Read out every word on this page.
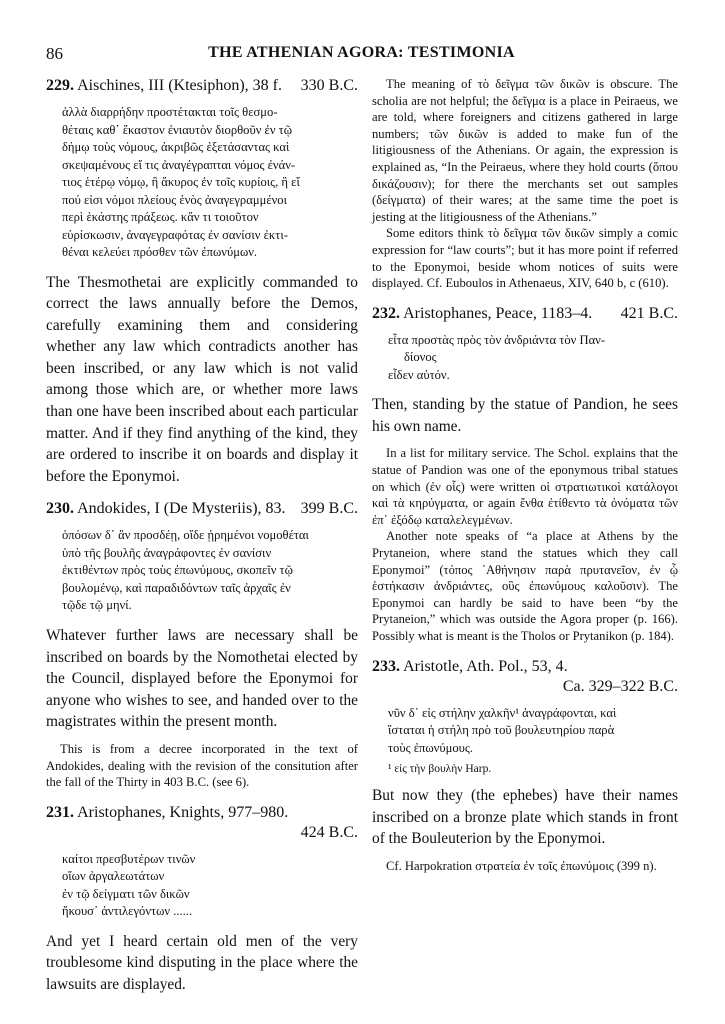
86	THE ATHENIAN AGORA: TESTIMONIA
229. Aischines, III (Ktesiphon), 38 f. 330 B.C.

ἀλλὰ διαρρήδην προστέτακται τοῖς θεσμο-

θέταις καθ᾽ ἕκαστον ἐνιαυτὸν διορθοῦν ἐν τῷ

δήμῳ τοὺς νόμους, ἀκριβῶς ἐξετάσαντας καὶ

σκεψαμένους εἴ τις ἀναγέγραπται νόμος ἐνάν-

τιος ἑτέρῳ νόμῳ, ἢ ἄκυρος ἐν τοῖς κυρίοις, ἢ εἴ

πού εἰσι νόμοι πλείους ἑνὸς ἀναγεγραμμένοι

περὶ ἑκάστης πράξεως. κἄν τι τοιοῦτον

εὑρίσκωσιν, ἀναγεγραφότας ἐν σανίσιν ἐκτι-

θέναι κελεύει πρόσθεν τῶν ἐπωνύμων.

The Thesmothetai are explicitly commanded to correct the laws annually before the Demos, carefully examining them and considering whether any law which contradicts another has been inscribed, or any law which is not valid among those which are, or whether more laws than one have been inscribed about each particular matter. And if they find anything of the kind, they are ordered to inscribe it on boards and display it before the Eponymoi.

230. Andokides, I (De Mysteriis), 83. 399 B.C.

ὁπόσων δ᾽ ἂν προσδέῃ, οἵδε ᾑρημένοι νομοθέται

ὑπὸ τῆς βουλῆς ἀναγράφοντες ἐν σανίσιν

ἐκτιθέντων πρὸς τοὺς ἐπωνύμους, σκοπεῖν τῷ

βουλομένῳ, καὶ παραδιδόντων ταῖς ἀρχαῖς ἐν

τῷδε τῷ μηνί.

Whatever further laws are necessary shall be inscribed on boards by the Nomothetai elected by the Council, displayed before the Eponymoi for anyone who wishes to see, and handed over to the magistrates within the present month.

This is from a decree incorporated in the text of Andokides, dealing with the revision of the consitution after the fall of the Thirty in 403 B.C. (see 6).

231. Aristophanes, Knights, 977–980.
424 B.C.

καίτοι πρεσβυτέρων τινῶν

οἵων ἀργαλεωτάτων

ἐν τῷ δείγματι τῶν δικῶν

ἤκουσ᾽ ἀντιλεγόντων ......

And yet I heard certain old men of the very troublesome kind disputing in the place where the lawsuits are displayed.

The meaning of τὸ δεῖγμα τῶν δικῶν is obscure. The scholia are not helpful; the δεῖγμα is a place in Peiraeus, we are told, where foreigners and citizens gathered in large numbers; τῶν δικῶν is added to make fun of the litigiousness of the Athenians. Or again, the expression is explained as, “In the Peiraeus, where they hold courts (ὅπου δικάζουσιν); for there the merchants set out samples (δείγματα) of their wares; at the same time the poet is jesting at the litigiousness of the Athenians.”

Some editors think τὸ δεῖγμα τῶν δικῶν simply a comic expression for “law courts”; but it has more point if referred to the Eponymoi, beside whom notices of suits were displayed. Cf. Euboulos in Athenaeus, XIV, 640 b, c (610).

232. Aristophanes, Peace, 1183–4. 421 B.C.

εἶτα προστὰς πρὸς τὸν ἀνδριάντα τὸν Παν-

δίονος

εἶδεν αὑτόν.

Then, standing by the statue of Pandion, he sees his own name.

In a list for military service. The Schol. explains that the statue of Pandion was one of the eponymous tribal statues on which (ἐν οἷς) were written οἱ στρατιωτικοὶ κατάλογοι καὶ τὰ κηρύγματα, or again ἔνθα ἐτίθεντο τὰ ὀνόματα τῶν ἐπ᾽ ἐξόδῳ καταλελεγμένων.

Another note speaks of “a place at Athens by the Prytaneion, where stand the statues which they call Eponymoi” (τόπος ᾽Αθήνησιν παρὰ πρυτανεῖον, ἐν ᾧ ἑστήκασιν ἀνδριάντες, οὓς ἐπωνύμους καλοῦσιν). The Eponymoi can hardly be said to have been “by the Prytaneion,” which was outside the Agora proper (p. 166). Possibly what is meant is the Tholos or Prytanikon (p. 184).

233. Aristotle, Ath. Pol., 53, 4.
Ca. 329–322 B.C.

νῦν δ᾽ εἰς στήλην χαλκῆν¹ ἀναγράφονται, καὶ

ἵσταται ἡ στήλη πρὸ τοῦ βουλευτηρίου παρὰ

τοὺς ἐπωνύμους.

¹ εἰς τὴν βουλὴν Harp.

But now they (the ephebes) have their names inscribed on a bronze plate which stands in front of the Bouleuterion by the Eponymoi.

Cf. Harpokration στρατεία ἐν τοῖς ἐπωνύμοις (399 n).
